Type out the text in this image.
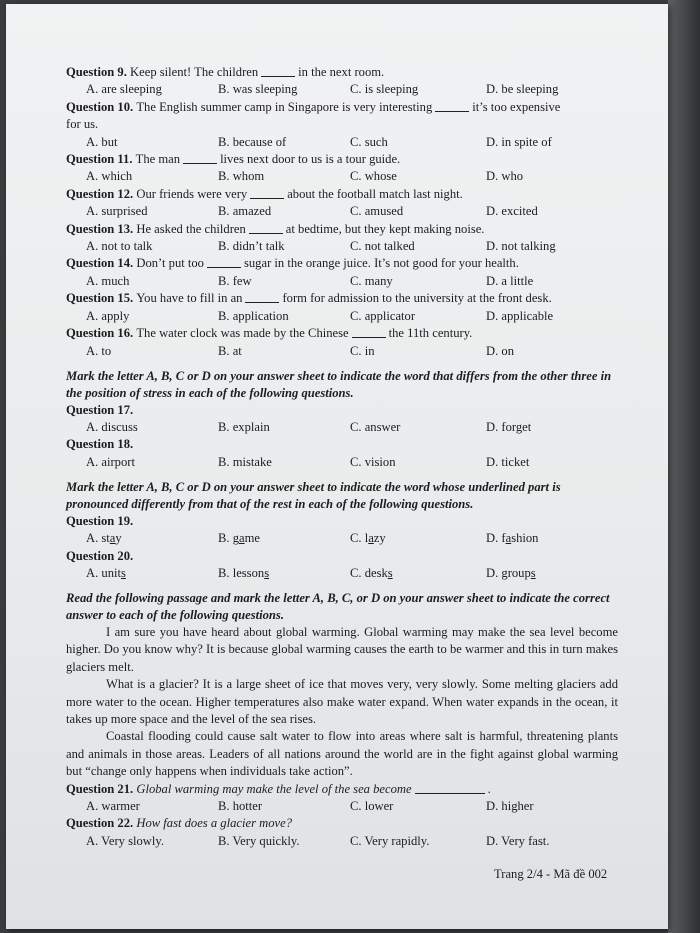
Question 9.
Keep silent! The children	in the next room.
A. are sleeping	B. was sleeping	C. is sleeping	D. be sleeping
Question 10.
The English summer camp in Singapore is very interesting	it’s too expensive
for us.
A. but	B. because of	C. such	D. in spite of
Question 11.
The man	lives next door to us is a tour guide.
A. which	B. whom	C. whose	D. who
Question 12.
Our friends were very	about the football match last night.
A. surprised	B. amazed	C. amused	D. excited
Question 13.
He asked the children	at bedtime, but they kept making noise.
A. not to talk	B. didn’t talk	C. not talked	D. not talking
Question 14.
Don’t put too	sugar in the orange juice. It’s not good for your health.
A. much	B. few	C. many	D. a little
Question 15.
You have to fill in an	form for admission to the university at the front desk.
A. apply	B. application	C. applicator	D. applicable
Question 16.
The water clock was made by the Chinese	the 11th century.
A. to	B. at	C. in	D. on
Mark the letter A, B, C or D on your answer sheet to indicate the word that differs from the other three in the position of stress in each of the following questions.
Question 17.
A. discuss	B. explain	C. answer	D. forget
Question 18.
A. airport	B. mistake	C. vision	D. ticket
Mark the letter A, B, C or D on your answer sheet to indicate the word whose underlined part is pronounced differently from that of the rest in each of the following questions.
Question 19.
A. stay	B. game	C. lazy	D. fashion
Question 20.
A. units	B. lessons	C. desks	D. groups
Read the following passage and mark the letter A, B, C, or D on your answer sheet to indicate the correct answer to each of the following questions.

I am sure you have heard about global warming. Global warming may make the sea level become higher. Do you know why? It is because global warming causes the earth to be warmer and this in turn makes glaciers melt.

What is a glacier? It is a large sheet of ice that moves very, very slowly. Some melting glaciers add more water to the ocean. Higher temperatures also make water expand. When water expands in the ocean, it takes up more space and the level of the sea rises.

Coastal flooding could cause salt water to flow into areas where salt is harmful, threatening plants and animals in those areas. Leaders of all nations around the world are in the fight against global warming but “change only happens when individuals take action”.

Question 21.
Global warming may make the level of the sea become	.
A. warmer	B. hotter	C. lower	D. higher
Question 22.
How fast does a glacier move?
A. Very slowly.	B. Very quickly.	C. Very rapidly.	D. Very fast.
Trang 2/4 - Mã đề 002
